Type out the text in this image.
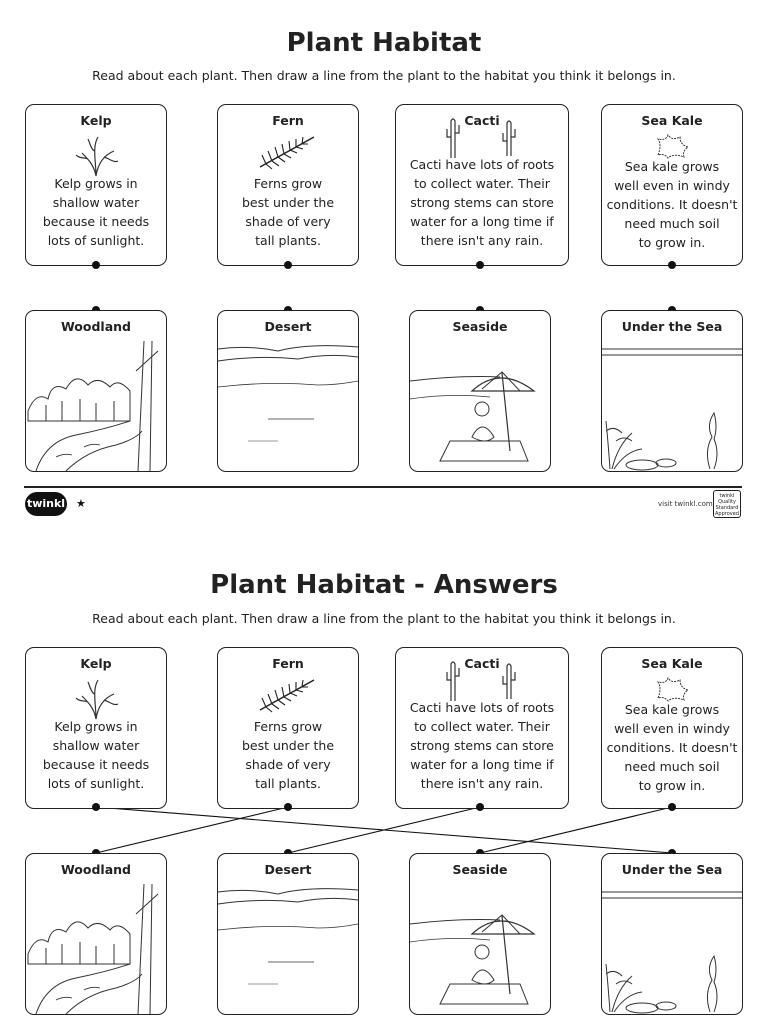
Plant Habitat
Read about each plant. Then draw a line from the plant to the habitat you think it belongs in.
Kelp
Kelp grows in
shallow water
because it needs
lots of sunlight.
Fern
Ferns grow
best under the
shade of very
tall plants.
Cacti
Cacti have lots of roots
to collect water. Their
strong stems can store
water for a long time if
there isn't any rain.
Sea Kale
Sea kale grows
well even in windy
conditions. It doesn't
need much soil
to grow in.
Woodland	Desert	Seaside	Under the Sea
twinkl ★	visit twinkl.com
twinkl Quality Standard Approved
Plant Habitat - Answers
Read about each plant. Then draw a line from the plant to the habitat you think it belongs in.
Kelp
Kelp grows in
shallow water
because it needs
lots of sunlight.
Fern
Ferns grow
best under the
shade of very
tall plants.
Cacti
Cacti have lots of roots
to collect water. Their
strong stems can store
water for a long time if
there isn't any rain.
Sea Kale
Sea kale grows
well even in windy
conditions. It doesn't
need much soil
to grow in.
Woodland	Desert	Seaside	Under the Sea
